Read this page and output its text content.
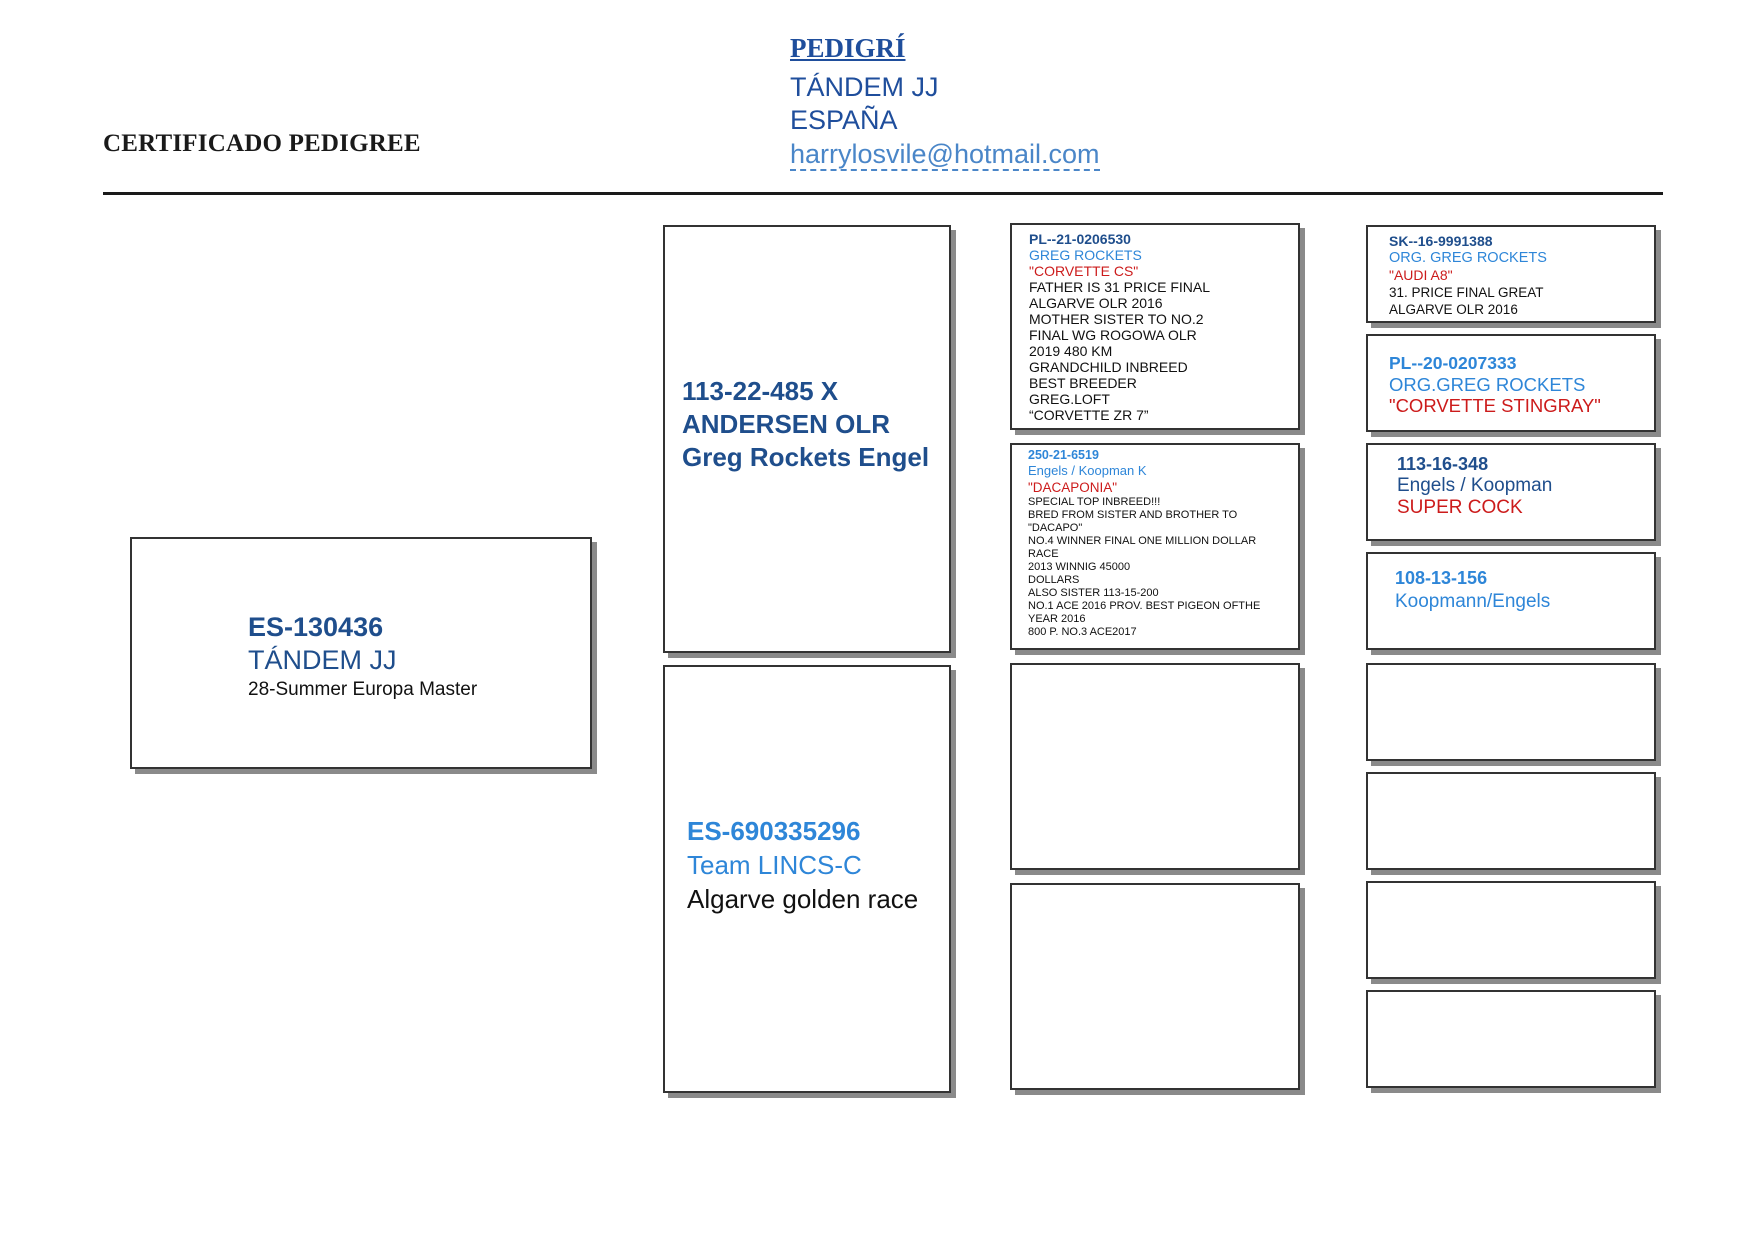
CERTIFICADO PEDIGREE
PEDIGRÍ
TÁNDEM JJ
ESPAÑA
harrylosvile@hotmail.com
ES-130436
TÁNDEM JJ
28-Summer Europa Master
113-22-485 X
ANDERSEN OLR
Greg Rockets Engel
ES-690335296
Team LINCS-C
Algarve golden race
PL--21-0206530
GREG ROCKETS
"CORVETTE CS"
FATHER IS 31 PRICE FINAL
ALGARVE OLR 2016
MOTHER SISTER TO NO.2
FINAL WG ROGOWA OLR
2019 480 KM
GRANDCHILD INBREED
BEST BREEDER
GREG.LOFT
“CORVETTE ZR 7”
250-21-6519
Engels / Koopman K
"DACAPONIA"
SPECIAL TOP INBREED!!!
BRED FROM SISTER AND BROTHER TO
"DACAPO"
NO.4 WINNER FINAL ONE MILLION DOLLAR
RACE
2013 WINNIG 45000
DOLLARS
ALSO SISTER 113-15-200
NO.1 ACE 2016 PROV. BEST PIGEON OFTHE
YEAR 2016
800 P. NO.3 ACE2017
SK--16-9991388
ORG. GREG ROCKETS
"AUDI A8"
31. PRICE FINAL GREAT
ALGARVE OLR 2016
PL--20-0207333
ORG.GREG ROCKETS
"CORVETTE STINGRAY"
113-16-348
Engels / Koopman
SUPER COCK
108-13-156
Koopmann/Engels
